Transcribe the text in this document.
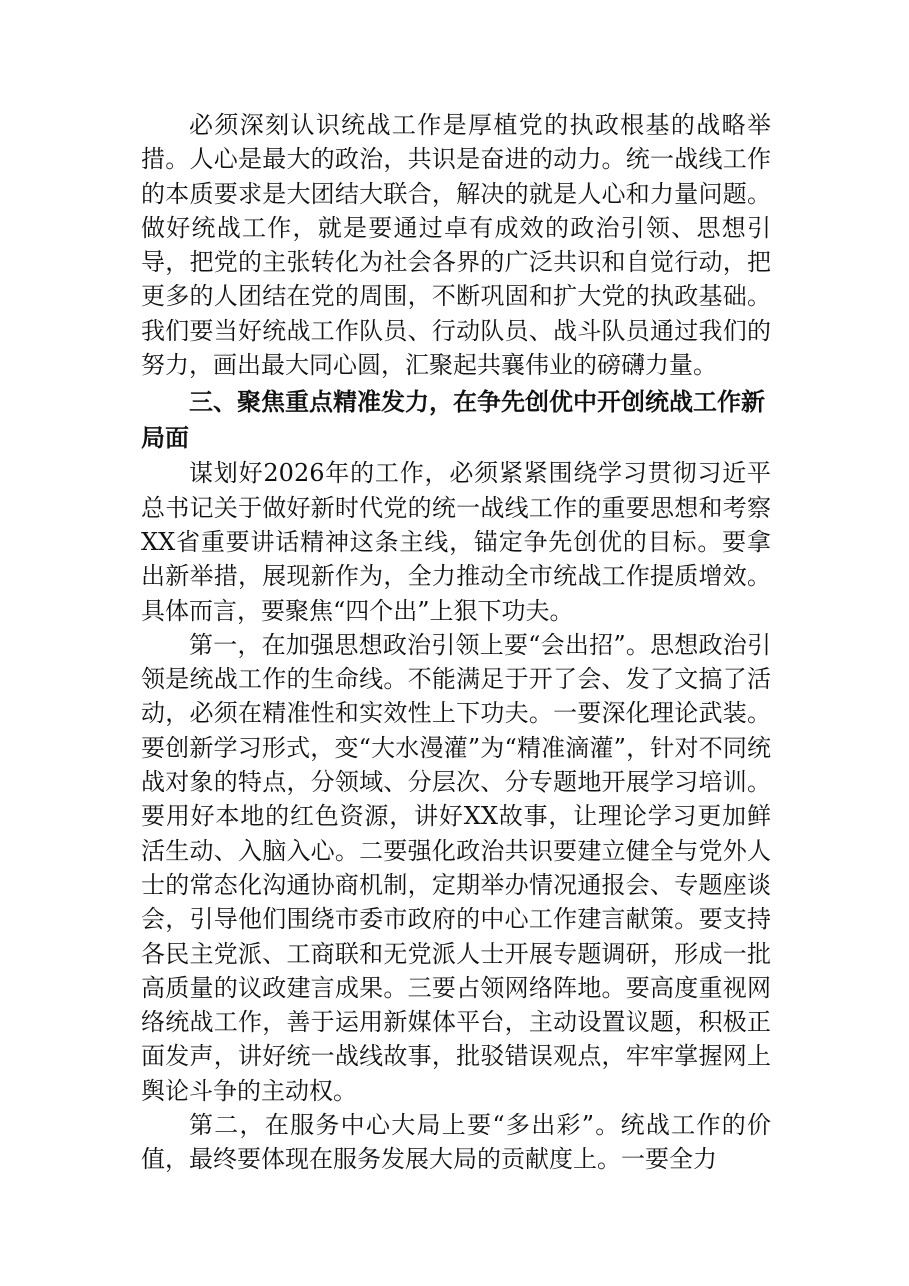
必须深刻认识统战工作是厚植党的执政根基的战略举措。人心是最大的政治，共识是奋进的动力。统一战线工作的本质要求是大团结大联合，解决的就是人心和力量问题。做好统战工作，就是要通过卓有成效的政治引领、思想引导，把党的主张转化为社会各界的广泛共识和自觉行动，把更多的人团结在党的周围，不断巩固和扩大党的执政基础。我们要当好统战工作队员、行动队员、战斗队员通过我们的努力，画出最大同心圆，汇聚起共襄伟业的磅礴力量。

三、聚焦重点精准发力，在争先创优中开创统战工作新局面

谋划好2026年的工作，必须紧紧围绕学习贯彻习近平总书记关于做好新时代党的统一战线工作的重要思想和考察XX省重要讲话精神这条主线，锚定争先创优的目标。要拿出新举措，展现新作为，全力推动全市统战工作提质增效。具体而言，要聚焦“四个出”上狠下功夫。

第一，在加强思想政治引领上要“会出招”。思想政治引领是统战工作的生命线。不能满足于开了会、发了文搞了活动，必须在精准性和实效性上下功夫。一要深化理论武装。要创新学习形式，变“大水漫灌”为“精准滴灌”，针对不同统战对象的特点，分领域、分层次、分专题地开展学习培训。要用好本地的红色资源，讲好XX故事，让理论学习更加鲜活生动、入脑入心。二要强化政治共识要建立健全与党外人士的常态化沟通协商机制，定期举办情况通报会、专题座谈会，引导他们围绕市委市政府的中心工作建言献策。要支持各民主党派、工商联和无党派人士开展专题调研，形成一批高质量的议政建言成果。三要占领网络阵地。要高度重视网络统战工作，善于运用新媒体平台，主动设置议题，积极正面发声，讲好统一战线故事，批驳错误观点，牢牢掌握网上舆论斗争的主动权。

第二，在服务中心大局上要“多出彩”。统战工作的价值，最终要体现在服务发展大局的贡献度上。一要全力
